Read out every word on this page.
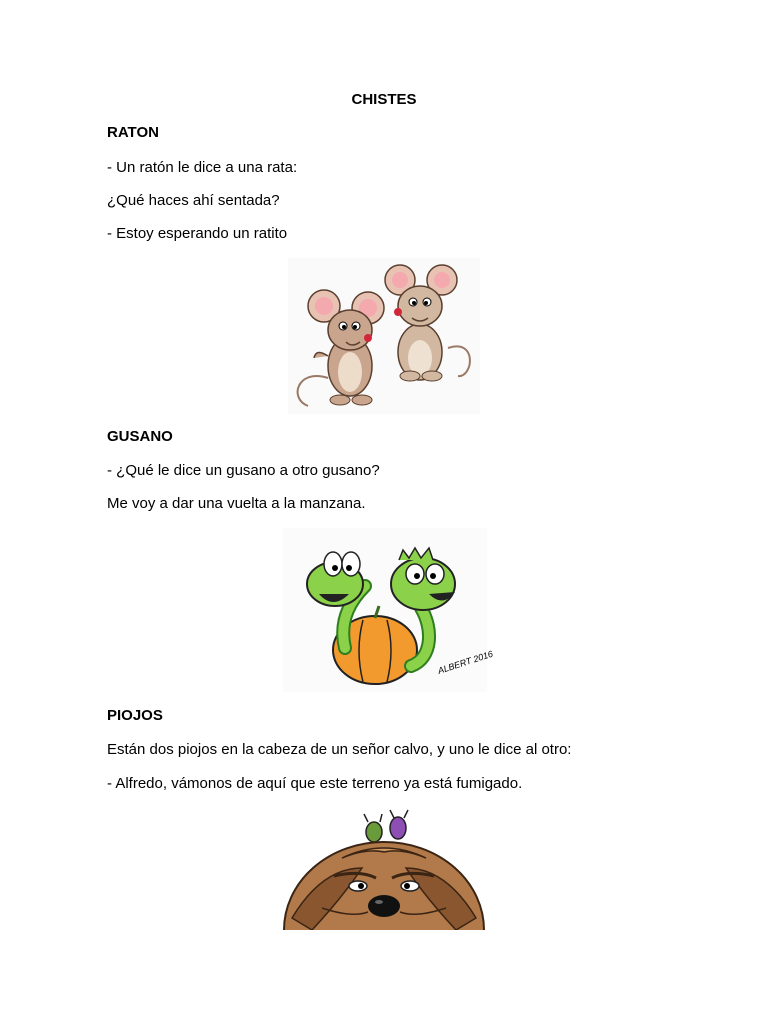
CHISTES
RATON
- Un ratón le dice a una rata:
¿Qué haces ahí sentada?
- Estoy esperando un ratito
GUSANO
- ¿Qué le dice un gusano a otro gusano?
Me voy a dar una vuelta a la manzana.
ALBERT 2016
PIOJOS
Están dos piojos en la cabeza de un señor calvo, y uno le dice al otro:
- Alfredo, vámonos de aquí que este terreno ya está fumigado.
